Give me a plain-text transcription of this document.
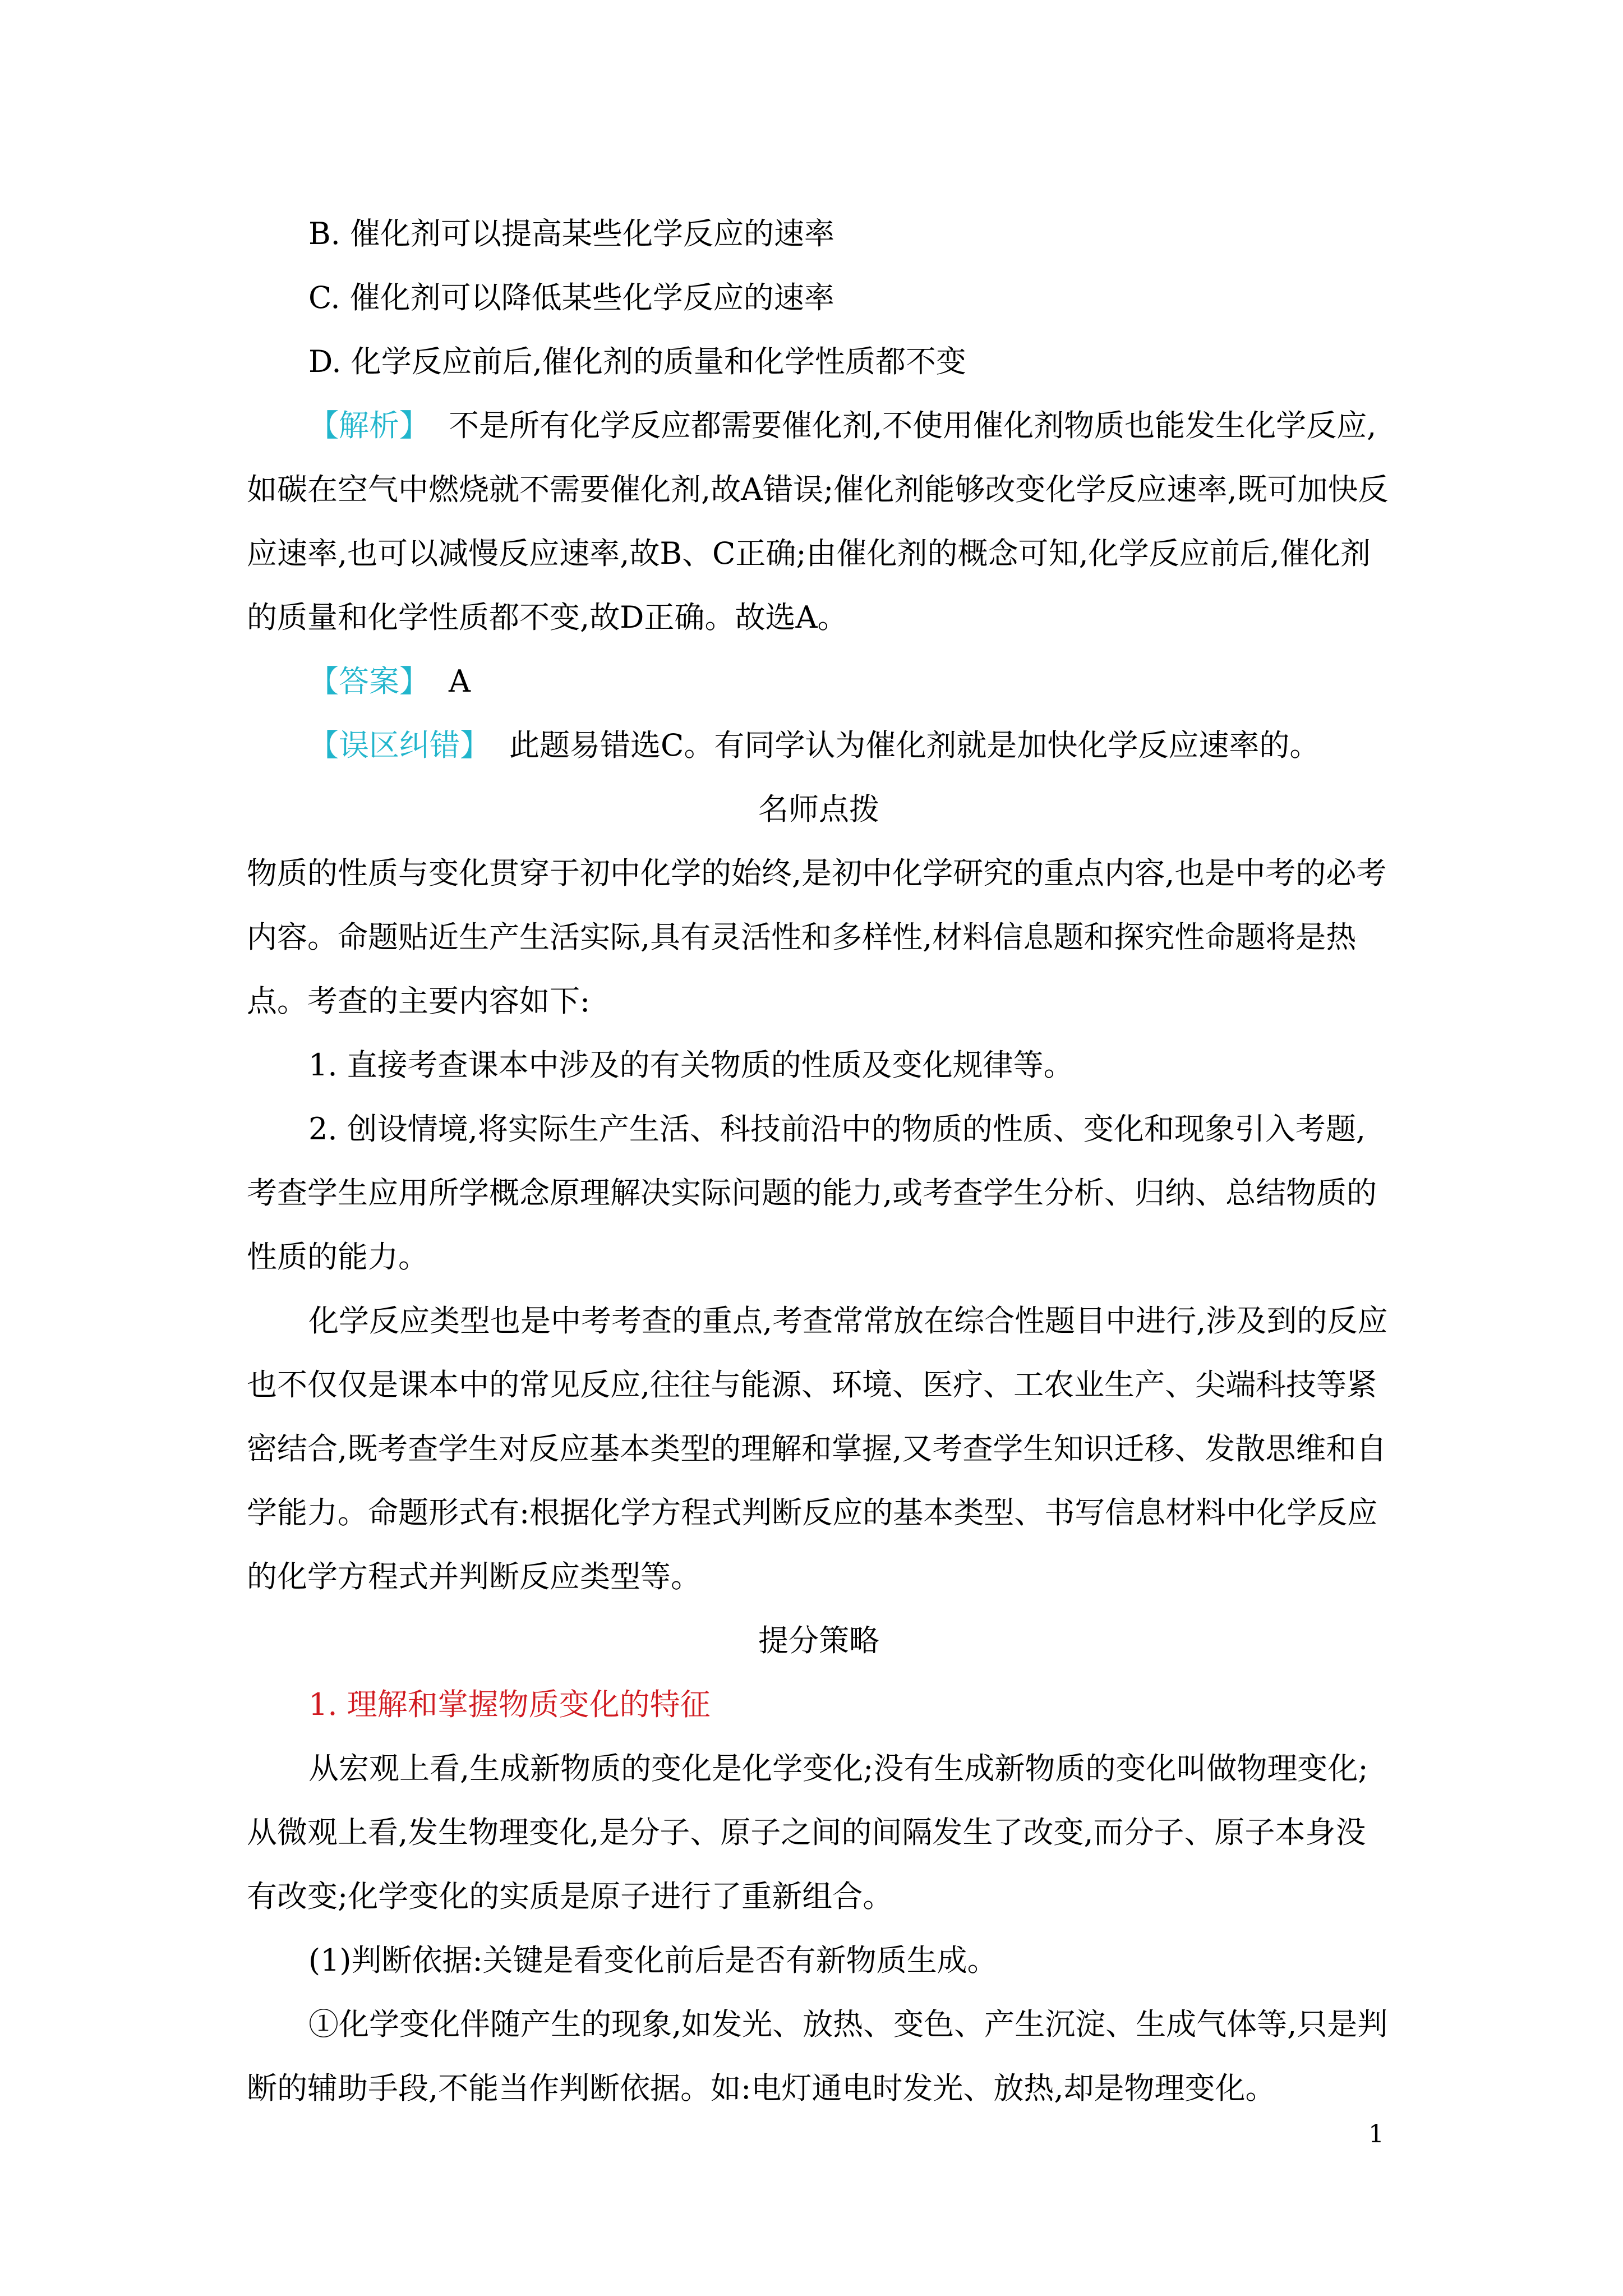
B. 催化剂可以提高某些化学反应的速率

C. 催化剂可以降低某些化学反应的速率

D. 化学反应前后,催化剂的质量和化学性质都不变

【解析】 不是所有化学反应都需要催化剂,不使用催化剂物质也能发生化学反应,如碳在空气中燃烧就不需要催化剂,故A错误;催化剂能够改变化学反应速率,既可加快反应速率,也可以减慢反应速率,故B、C正确;由催化剂的概念可知,化学反应前后,催化剂的质量和化学性质都不变,故D正确。故选A。

【答案】 A

【误区纠错】 此题易错选C。有同学认为催化剂就是加快化学反应速率的。

名师点拨

物质的性质与变化贯穿于初中化学的始终,是初中化学研究的重点内容,也是中考的必考内容。命题贴近生产生活实际,具有灵活性和多样性,材料信息题和探究性命题将是热点。考查的主要内容如下:

1. 直接考查课本中涉及的有关物质的性质及变化规律等。

2. 创设情境,将实际生产生活、科技前沿中的物质的性质、变化和现象引入考题,考查学生应用所学概念原理解决实际问题的能力,或考查学生分析、归纳、总结物质的性质的能力。

化学反应类型也是中考考查的重点,考查常常放在综合性题目中进行,涉及到的反应也不仅仅是课本中的常见反应,往往与能源、环境、医疗、工农业生产、尖端科技等紧密结合,既考查学生对反应基本类型的理解和掌握,又考查学生知识迁移、发散思维和自学能力。命题形式有:根据化学方程式判断反应的基本类型、书写信息材料中化学反应的化学方程式并判断反应类型等。

提分策略

1. 理解和掌握物质变化的特征

从宏观上看,生成新物质的变化是化学变化;没有生成新物质的变化叫做物理变化;从微观上看,发生物理变化,是分子、原子之间的间隔发生了改变,而分子、原子本身没有改变;化学变化的实质是原子进行了重新组合。

(1)判断依据:关键是看变化前后是否有新物质生成。

①化学变化伴随产生的现象,如发光、放热、变色、产生沉淀、生成气体等,只是判断的辅助手段,不能当作判断依据。如:电灯通电时发光、放热,却是物理变化。

1
